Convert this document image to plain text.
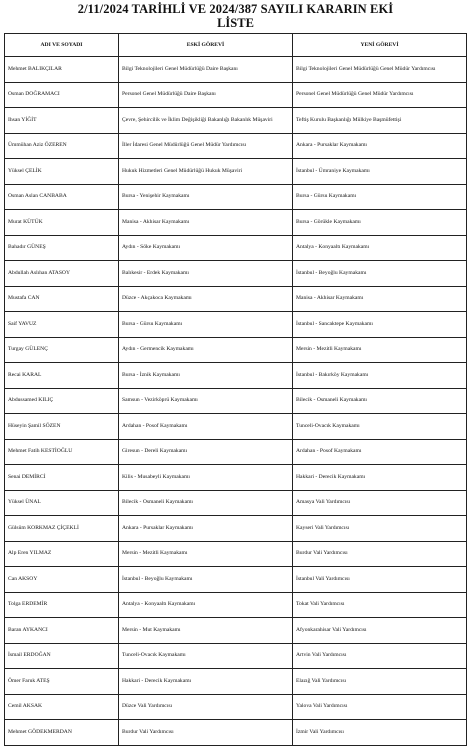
2/11/2024 TARİHLİ VE 2024/387 SAYILI KARARIN EKİ
LİSTE
ADI VE SOYADI	ESKİ GÖREVİ	YENİ GÖREVİ
Mehmet BALIKÇILAR	Bilgi Teknolojileri Genel Müdürlüğü Daire Başkanı	Bilgi Teknolojileri Genel Müdürlüğü Genel Müdür Yardımcısı
Osman DOĞRAMACI	Personel Genel Müdürlüğü Daire Başkanı	Personel Genel Müdürlüğü Genel Müdür Yardımcısı
Ihsan YİĞİT	Çevre, Şehircilik ve İklim Değişikliği Bakanlığı Bakanlık Müşaviri	Teftiş Kurulu Başkanlığı Mülkiye Başmüfettişi
Ümmühan Aziz ÖZEREN	İller İdaresi Genel Müdürlüğü Genel Müdür Yardımcısı	Ankara - Pursaklar Kaymakamı
Yüksel ÇELİK	Hukuk Hizmetleri Genel Müdürlüğü Hukuk Müşaviri	İstanbul - Ümraniye Kaymakamı
Osman Aslan CANBABA	Bursa - Yenişehir Kaymakamı	Bursa - Gürsu Kaymakamı
Murat KÜTÜK	Manisa - Akhisar Kaymakamı	Bursa - Görükle Kaymakamı
Bahadır GÜNEŞ	Aydın - Söke Kaymakamı	Antalya - Konyaaltı Kaymakamı
Abdullah Aslıhan ATASOY	Balıkesir - Erdek Kaymakamı	İstanbul - Beyoğlu Kaymakamı
Mustafa CAN	Düzce - Akçakoca Kaymakamı	Manisa - Akhisar Kaymakamı
Saif YAVUZ	Bursa - Gürsu Kaymakamı	İstanbul - Sancaktepe Kaymakamı
Turgay GÜLENÇ	Aydın - Germencik Kaymakamı	Mersin - Mezitli Kaymakamı
Recai KARAL	Bursa - İznik Kaymakamı	İstanbul - Bakırköy Kaymakamı
Abdussamed KILIÇ	Samsun - Vezirköprü Kaymakamı	Bilecik - Osmaneli Kaymakamı
Hüseyin Şamil SÖZEN	Ardahan - Posof Kaymakamı	Tunceli-Ovacık Kaymakamı
Mehmet Fatih KESTİOĞLU	Giresun - Dereli Kaymakamı	Ardahan - Posof Kaymakamı
Senai DEMİRCİ	Kilis - Musabeyli Kaymakamı	Hakkari - Derecik Kaymakamı
Yüksel ÜNAL	Bilecik - Osmaneli Kaymakamı	Amasya Vali Yardımcısı
Gülsüm KORKMAZ ÇİÇEKLİ	Ankara - Pursaklar Kaymakamı	Kayseri Vali Yardımcısı
Alp Eren YILMAZ	Mersin - Mezitli Kaymakamı	Burdur Vali Yardımcısı
Can AKSOY	İstanbul - Beyoğlu Kaymakamı	İstanbul Vali Yardımcısı
Tolga ERDEMİR	Antalya - Konyaaltı Kaymakamı	Tokat Vali Yardımcısı
Baran AYKANCI	Mersin - Mut Kaymakamı	Afyonkarahisar Vali Yardımcısı
İsmail ERDOĞAN	Tunceli-Ovacık Kaymakamı	Artvin Vali Yardımcısı
Ömer Faruk ATEŞ	Hakkari - Derecik Kaymakamı	Elazığ Vali Yardımcısı
Cemil AKSAK	Düzce Vali Yardımcısı	Yalova Vali Yardımcısı
Mehmet GÖDEKMERDAN	Burdur Vali Yardımcısı	İzmir Vali Yardımcısı
